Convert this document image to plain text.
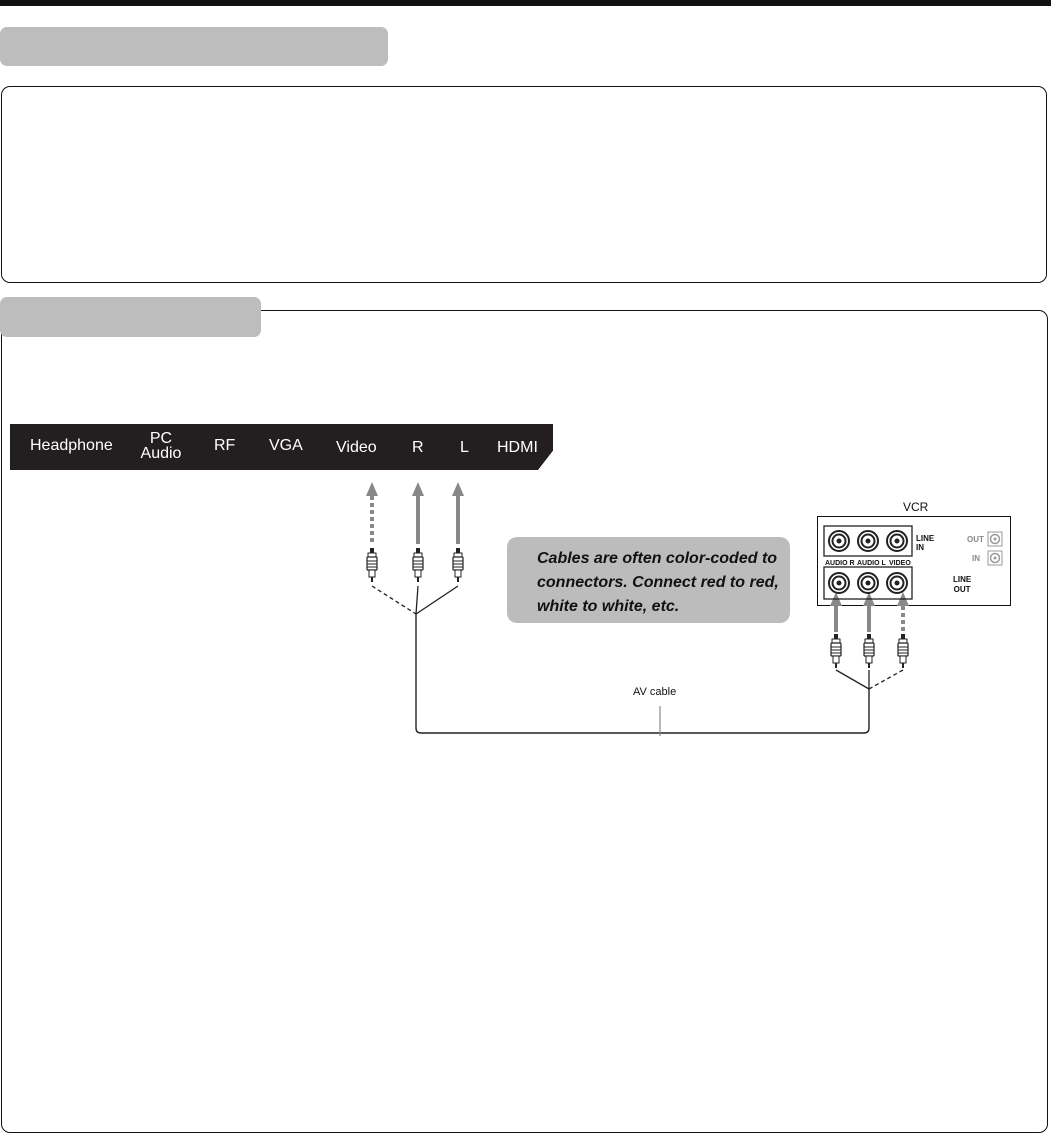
Headphone	PC
Audio RF VGA Video R L HDMI
Cables are often color-coded to connectors. Connect red to red, white to white, etc.
VCR
LINE
IN
LINE
OUT
AUDIO R AUDIO L VIDEO
OUT
IN
AV cable
